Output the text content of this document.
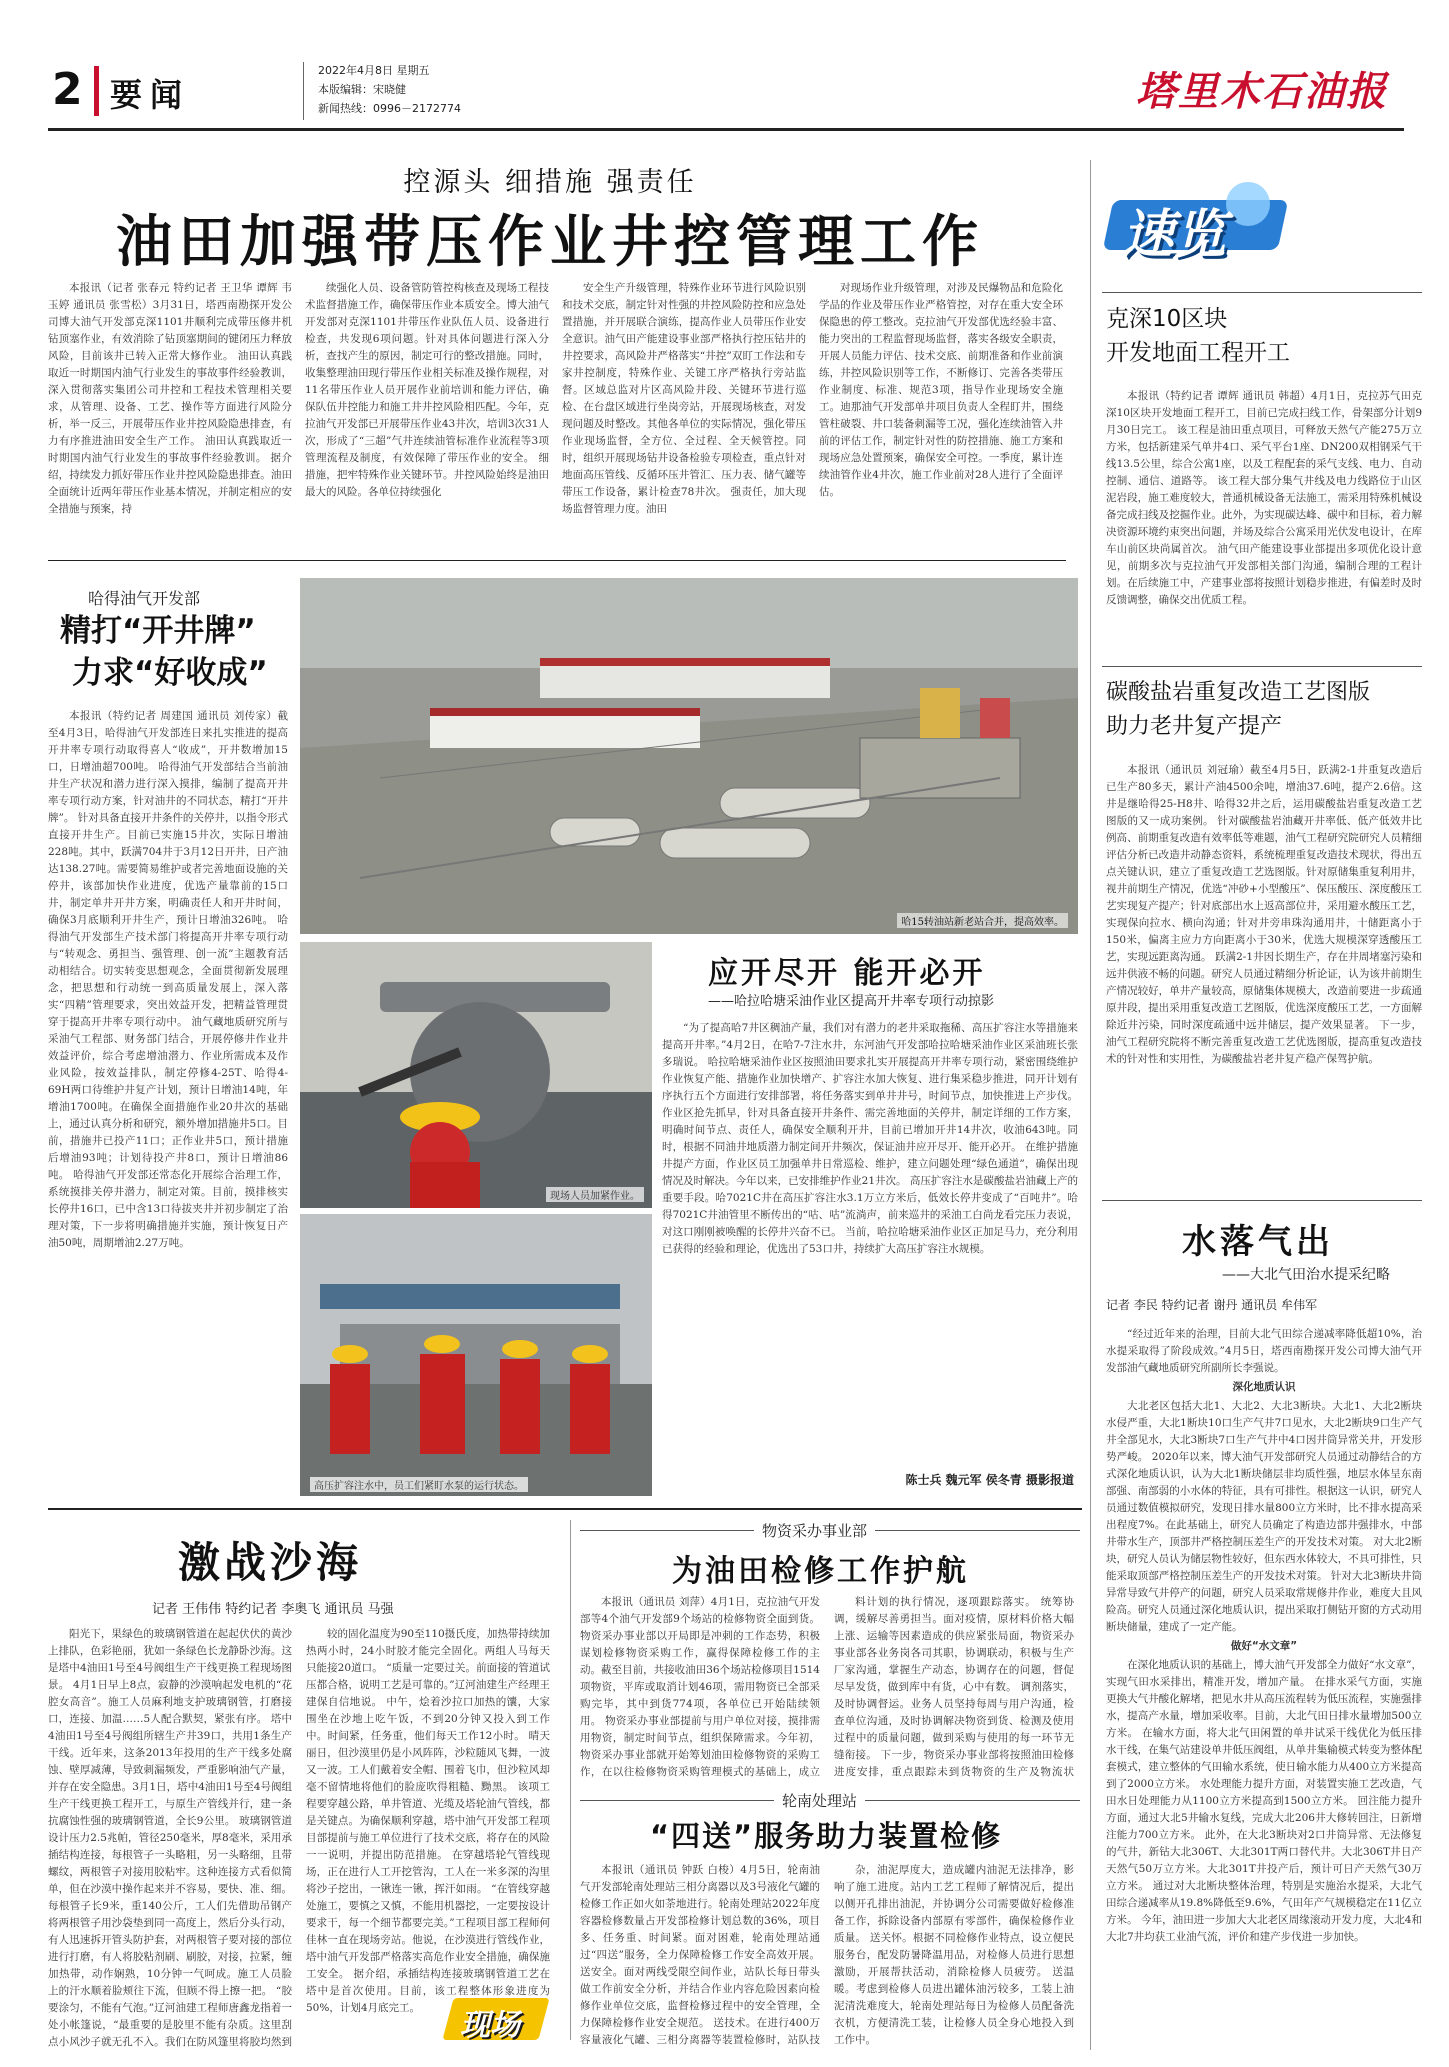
2 要闻
2022年4月8日 星期五
本版编辑：宋晓健
新闻热线：0996－2172774	塔里木石油报
控源头 细措施 强责任
油田加强带压作业井控管理工作

本报讯（记者 张春元 特约记者 王卫华 谭辉 韦玉婷 通讯员 张雪松）3月31日，塔西南勘探开发公司博大油气开发部克深1101井顺利完成带压修井机钻顶塞作业，有效消除了钻顶塞期间的键闭压力释放风险，目前该井已转入正常大修作业。 油田认真践取近一时期国内油气行业发生的事故事件经验教训，深入贯彻落实集团公司井控和工程技术管理相关要求，从管理、设备、工艺、操作等方面进行风险分析，举一反三，开展带压作业井控风险隐患排查，有力有序推进油田安全生产工作。 油田认真践取近一时期国内油气行业发生的事故事件经验教训。 据介绍，持续发力抓好带压作业井控风险隐患排查。油田全面统计近两年带压作业基本情况，并制定相应的安全措施与预案，持

续强化人员、设备管防管控构核查及现场工程技术监督措施工作，确保带压作业本质安全。博大油气开发部对克深1101井带压作业队伍人员、设备进行检查，共发现6项问题。针对具体问题进行深入分析，查找产生的原因，制定可行的整改措施。同时，收集整理油田现行带压作业相关标准及操作规程，对11名带压作业人员开展作业前培训和能力评估，确保队伍井控能力和施工井井控风险相匹配。今年，克拉油气开发部已开展带压作业43井次，培训3次31人次，形成了“三超”气井连续油管标准作业流程等3项管理流程及制度，有效保障了带压作业的安全。 细措施，把牢特殊作业关键环节。井控风险始终是油田最大的风险。各单位持续强化

安全生产升级管理，特殊作业环节进行风险识别和技术交底，制定针对性强的井控风险防控和应急处置措施，并开展联合演练，提高作业人员带压作业安全意识。油气田产能建设事业部严格执行控压钻井的井控要求，高风险井严格落实“井控”双盯工作法和专家井控制度，特殊作业、关键工序严格执行旁站监督。区域总监对片区高风险井段、关键环节进行巡检、在台盘区域进行坐岗旁站，开展现场核查，对发现问题及时整改。其他各单位的实际情况，强化带压作业现场监督，全方位、全过程、全天候管控。同时，组织开展现场钻井设备检验专项检查，重点针对地面高压管线、反循环压井管汇、压力表、储气罐等带压工作设备，累计检查78井次。 强责任，加大现场监督管理力度。油田

对现场作业升级管理，对涉及民爆物品和危险化学品的作业及带压作业严格管控，对存在重大安全环保隐患的停工整改。克拉油气开发部优选经验丰富、能力突出的工程监督现场监督，落实各级安全职责，开展人员能力评估、技术交底、前期准备和作业前演练，井控风险识别等工作，不断修订、完善各类带压作业制度、标准、规范3项，指导作业现场安全施工。迪那油气开发部单井项目负责人全程盯井，围绕管柱破裂、井口装备刺漏等工况，强化连续油管入井前的评估工作，制定针对性的防控措施、施工方案和现场应急处置预案，确保安全可控。一季度，累计连续油管作业4井次，施工作业前对28人进行了全面评估。

速览
克深10区块
开发地面工程开工

本报讯（特约记者 谭辉 通讯员 韩超）4月1日，克拉苏气田克深10区块开发地面工程开工，目前已完成扫线工作，骨架部分计划9月30日完工。 该工程是油田重点项目，可释放天然气产能275万立方米，包括新建采气单井4口、采气平台1座、DN200双相钢采气干线13.5公里，综合公寓1座，以及工程配套的采气支线、电力、自动控制、通信、道路等。 该工程大部分集气井线及电力线路位于山区泥岩段，施工难度较大，普通机械设备无法施工，需采用特殊机械设备完成扫线及挖掘作业。此外，为实现碳达峰、碳中和目标，着力解决资源环境约束突出问题，并场及综合公寓采用光伏发电设计，在库车山前区块尚属首次。 油气田产能建设事业部提出多项优化设计意见，前期多次与克拉油气开发部相关部门沟通，编制合理的工程计划。在后续施工中，产建事业部将按照计划稳步推进，有偏差时及时反馈调整，确保交出优质工程。

碳酸盐岩重复改造工艺图版
助力老井复产提产

本报讯（通讯员 刘冠瑜）截至4月5日，跃满2-1井重复改造后已生产80多天，累计产油4500余吨，增油37.6吨，提产2.6倍。这井是继哈得25-H8井、哈得32井之后，运用碳酸盐岩重复改造工艺图版的又一成功案例。 针对碳酸盐岩油藏开井率低、低产低效井比例高、前期重复改造有效率低等难题，油气工程研究院研究人员精细评估分析已改造井动静态资料，系统梳理重复改造技术现状，得出五点关键认识，建立了重复改造工艺选图版。针对原储集重复利用井，视井前期生产情况，优选“冲砂+小型酸压”、保压酸压、深度酸压工艺实现复产提产；针对底部出水上返高部位井，采用避水酸压工艺，实现保向拉水、横向沟通；针对井旁串珠沟通用井，十储距离小于150米，偏离主应力方向距离小于30米，优选大规模深穿透酸压工艺，实现远距离沟通。 跃满2-1井因长期生产，存在井周堵塞污染和远井供液不畅的问题。研究人员通过精细分析论证，认为该井前期生产情况较好，单井产量较高，原储集体规模大，改造前要进一步疏通原井段，提出采用重复改造工艺图版，优选深度酸压工艺，一方面解除近井污染，同时深度疏通中远井储层，提产效果显著。 下一步，油气工程研究院将不断完善重复改造工艺优选图版，提高重复改造技术的针对性和实用性，为碳酸盐岩老井复产稳产保驾护航。

水落气出
——大北气田治水提采纪略
记者 李民 特约记者 谢丹 通讯员 牟伟军

“经过近年来的治理，目前大北气田综合递减率降低超10%，治水提采取得了阶段成效。”4月5日，塔西南勘探开发公司博大油气开发部油气藏地质研究所副所长李强说。

深化地质认识

大北老区包括大北1、大北2、大北3断块。大北1、大北2断块水侵严重，大北1断块10口生产气井7口见水，大北2断块9口生产气井全部见水，大北3断块7口生产气井中4口因井筒异常关井，开发形势严峻。 2020年以来，博大油气开发部研究人员通过动静结合的方式深化地质认识，认为大北1断块储层非均质性强，地层水体呈东南部强、南部弱的小水体的特征，具有可排性。根据这一认识，研究人员通过数值模拟研究，发现日排水量800立方米时，比不排水提高采出程度7%。在此基础上，研究人员确定了构造边部井强排水，中部井带水生产，顶部井严格控制压差生产的开发技术对策。 对大北2断块，研究人员认为储层物性较好，但东西水体较大，不具可排性，只能采取顶部严格控制压差生产的开发技术对策。 针对大北3断块井筒异常导致气井停产的问题，研究人员采取常规修井作业，难度大且风险高。研究人员通过深化地质认识，提出采取打侧钻开窗的方式动用断块储量，建成了一定产能。

做好“水文章”

在深化地质认识的基础上，博大油气开发部全力做好“水文章”，实现气田水采排出，精准开发，增加产量。 在排水采气方面，实施更换大气井酸化解堵，把见水井从高压流程转为低压流程，实施强排水，提高产水量，增加采收率。目前，大北气田日排水量增加500立方米。 在输水方面，将大北气田闲置的单井试采干线优化为低压排水干线，在集气站建设单井低压阀组，从单井集输模式转变为整体配套模式，建立整体的气田输水系统，使日输水能力从400立方米提高到了2000立方米。 水处理能力提升方面，对装置实施工艺改造，气田水日处理能力从1100立方米提高到1500立方米。 回注能力提升方面，通过大北5井输水复线，完成大北206井大修转回注，日新增注能力700立方米。 此外，在大北3断块对2口井筒异常、无法修复的气井，新钻大北306T、大北301T两口替代井。大北306T井日产天然气50万立方米。大北301T井投产后，预计可日产天然气30万立方米。 通过对大北断块整体治理，特别是实施治水提采，大北气田综合递减率从19.8%降低至9.6%，气田年产气规模稳定在11亿立方米。 今年，油田进一步加大大北老区周缘滚动开发力度，大北4和大北7井均获工业油气流，评价和建产步伐进一步加快。

哈得油气开发部
精打“开井牌”
力求“好收成”

本报讯（特约记者 周建国 通讯员 刘传家）截至4月3日，哈得油气开发部连日来扎实推进的提高开井率专项行动取得喜人“收成”，开井数增加15口，日增油超700吨。 哈得油气开发部结合当前油井生产状况和潜力进行深入摸排，编制了提高开井率专项行动方案，针对油井的不同状态，精打“开井牌”。 针对具备直接开井条件的关停井，以指令形式直接开井生产。目前已实施15井次，实际日增油228吨。其中，跃满704井于3月12日开井，日产油达138.27吨。需要简易维护或者完善地面设施的关停井，该部加快作业进度，优选产量靠前的15口井，制定单井开井方案，明确责任人和开井时间，确保3月底顺利开井生产，预计日增油326吨。 哈得油气开发部生产技术部门将提高开井率专项行动与“转观念、勇担当、强管理、创一流”主题教育活动相结合。切实转变思想观念，全面贯彻新发展理念，把思想和行动统一到高质量发展上，深入落实“四精”管理要求，突出效益开发，把精益管理贯穿于提高开井率专项行动中。 油气藏地质研究所与采油气工程部、财务部门结合，开展停修井作业井效益评价，综合考虑增油潜力、作业所需成本及作业风险，按效益排队，制定停修4-25T、哈得4-69H两口待维护井复产计划，预计日增油14吨，年增油1700吨。在确保全面措施作业20井次的基础上，通过认真分析和研究，额外增加措施井5口。目前，措施井已投产11口；正作业井5口，预计措施后增油93吨；计划待投产井8口，预计日增油86吨。 哈得油气开发部还常态化开展综合治理工作，系统摸排关停井潜力，制定对策。目前，摸排核实长停井16口，已中含13口待拔夹井并初步制定了治理对策，下一步将明确措施并实施，预计恢复日产油50吨，周期增油2.27万吨。

哈15转油站新老站合并，提高效率。
现场人员加紧作业。
高压扩容注水中，员工们紧盯水泵的运行状态。
应开尽开 能开必开
——哈拉哈塘采油作业区提高开井率专项行动掠影

“为了提高哈7井区稠油产量，我们对有潜力的老井采取拖稀、高压扩容注水等措施来提高开井率。”4月2日，在哈7-7注水井，东河油气开发部哈拉哈塘采油作业区采油班长张多瑞说。 哈拉哈塘采油作业区按照油田要求扎实开展提高开井率专项行动，紧密围绕维护作业恢复产能、措施作业加快增产、扩容注水加大恢复、进行集采稳步推进，同开计划有序执行五个方面进行安排部署，将任务落实到单井井号，时间节点，加快推进上产步伐。 作业区抢先抓早，针对具备直接开井条件、需完善地面的关停井，制定详细的工作方案，明确时间节点、责任人，确保安全顺利开井，目前已增加开井14井次，收油643吨。同时，根据不同油井地质潜力制定间开井频次，保证油井应开尽开、能开必开。 在维护措施井提产方面，作业区员工加强单井日常巡检、维护，建立问题处理“绿色通道”，确保出现情况及时解决。今年以来，已安排维护作业21井次。 高压扩容注水是碳酸盐岩油藏上产的重要手段。哈7021C井在高压扩容注水3.1万立方米后，低效长停井变成了“百吨井”。哈得7021C井油管里不断传出的“咕、咕”流淌声，前来巡井的采油工白尚龙看完压力表说，对这口刚刚被唤醒的长停井兴奋不已。 当前，哈拉哈塘采油作业区正加足马力，充分利用已获得的经验和理论，优选出了53口井，持续扩大高压扩容注水规模。

陈士兵 魏元军 侯冬青 摄影报道
激战沙海
记者 王伟伟 特约记者 李奥飞 通讯员 马强

阳光下，果绿色的玻璃钢管道在起起伏伏的黄沙上排队，色彩艳丽，犹如一条绿色长龙静卧沙海。这是塔中4油田1号至4号阀组生产干线更换工程现场图景。 4月1日早上8点，寂静的沙漠响起发电机的“花腔女高音”。施工人员麻利地支护玻璃钢管，打磨接口，连接、加温……5人配合默契，紧张有序。 塔中4油田1号至4号阀组所辖生产井39口，共用1条生产干线。近年来，这条2013年投用的生产干线多处腐蚀、壁厚减薄，导致刺漏频发，严重影响油气产量，并存在安全隐患。3月1日，塔中4油田1号至4号阀组生产干线更换工程开工，与原生产管线并行，建一条抗腐蚀性强的玻璃钢管道，全长9公里。 玻璃钢管道设计压力2.5兆帕，管径250毫米，厚8毫米，采用承插结构连接，每根管子一头略粗，另一头略细，且带螺纹，两根管子对接用胶粘牢。这种连接方式看似简单，但在沙漠中操作起来并不容易，要快、准、细。 每根管子长9米，重140公斤，工人们先借助吊钢产将两根管子用沙袋垫到同一高度上，然后分头行动，有人迅速拆开管头防护套，对两根管子要对接的部位进行打磨，有人将胶粘剂刷、刷胶，对接，拉紧，缠加热带，动作娴熟，10分钟一气呵成。施工人员脸上的汗水顺着脸颊往下流，但顾不得上擦一把。 “胶要涂匀，不能有气泡。”辽河油建工程师唐鑫龙指着一处小帐篷说，“最重要的是胶里不能有杂质。这里刮点小风沙子就无孔不入。我们在防风篷里将胶均然到

较的固化温度为90至110摄氏度，加热带持续加热两小时，24小时胶才能完全固化。两组人马每天只能接20道口。 “质量一定要过关。前面接的管道试压都合格，说明工艺是可靠的。”辽河油建生产经理王建保自信地说。 中午，烩着沙拉口加热的馕，大家围坐在沙地上吃午饭，不到20分钟又投入到工作中。时间紧，任务重，他们每天工作12小时。 晴天丽日，但沙漠里仍是小风阵阵，沙粒随风飞舞，一波又一波。工人们戴着安全帽、围着飞巾，但沙粒风却毫不留情地将他们的脸庞吹得粗糙、黝黑。 该项工程要穿越公路，单井管道、光缆及塔轮油气管线，都是关键点。为确保顺利穿越，塔中油气开发部工程项目部提前与施工单位进行了技术交底，将存在的风险一一说明，并提出防范措施。 在穿越塔轮气管线现场，正在进行人工开挖管沟，工人在一米多深的沟里将沙子挖出，一锹连一锹，挥汗如雨。 “在管线穿越处施工，要慎之又慎，不能用机器挖，一定要按设计要求干，每一个细节都要完美。”工程项目部工程师何佳林一直在现场旁站。他说，在沙漠进行管线作业，塔中油气开发部严格落实高危作业安全措施，确保施工安全。 据介绍，承插结构连接玻璃钢管道工艺在塔中是首次使用。目前，该工程整体形象进度为50%，计划4月底完工。	现场
物资采办事业部
为油田检修工作护航

本报讯（通讯员 刘萍）4月1日，克拉油气开发部等4个油气开发部9个场站的检修物资全面到货。 物资采办事业部以开局即是冲刺的工作态势，积极谋划检修物资采购工作，赢得保障检修工作的主动。截至目前，共接收油田36个场站检修项目1514项物资，平库或取消计划46项，需用物资已全部采购完毕，其中到货774项，各单位已开始陆续领用。 物资采办事业部提前与用户单位对接，摸排需用物资，制定时间节点，组织保障需求。今年初，物资采办事业部就开始筹划油田检修物资的采购工作，在以往检修物资采购管理模式的基础上，成立

料计划的执行情况，逐项跟踪落实。 统筹协调，缓解尽善勇担当。面对疫情，原材料价格大幅上涨、运输等因素造成的供应紧张局面，物资采办事业部各业务岗各司其职，协调联动，积极与生产厂家沟通，掌握生产动态，协调存在的问题，督促尽早发货，做到库中有货，心中有数。 调剂落实，及时协调督运。业务人员坚持每周与用户沟通，检查单位沟通，及时协调解决物资到货、检测及使用过程中的质量问题，做到采购与使用的每一环节无缝衔接。 下一步，物资采办事业部将按照油田检修进度安排，重点跟踪未到货物资的生产及物流状

轮南处理站
“四送”服务助力装置检修

本报讯（通讯员 钟跃 白梭）4月5日，轮南油气开发部轮南处理站三相分离器以及3号液化气罐的检修工作正如火如荼地进行。轮南处理站2022年度容器检修数量占开发部检修计划总数的36%，项目多、任务重、时间紧。面对困难，轮南处理站通过“四送”服务，全力保障检修工作安全高效开展。 送安全。面对两线受限空间作业，站队长每日带头做工作前安全分析，并结合作业内容危险因素向检修作业单位交底，监督检修过程中的安全管理，全力保障检修作业安全规范。 送技术。在进行400万容量液化气罐、三相分离器等装置检修时，站队技

杂，油泥厚度大，造成罐内油泥无法排净，影响了施工进度。站内工艺工程师了解情况后，提出以侧开孔排出油泥，并协调分公司需要做好检修准备工作，拆除设备内部原有零部件，确保检修作业质量。 送关怀。根据不同检修作业特点，设立便民服务台，配发防暑降温用品，对检修人员进行思想激励，开展帮扶活动，消除检修人员疲劳。 送温暖。考虑到检修人员进出罐体油污较多，工装上油泥清洗难度大，轮南处理站每日为检修人员配备洗衣机，方便清洗工装，让检修人员全身心地投入到工作中。
